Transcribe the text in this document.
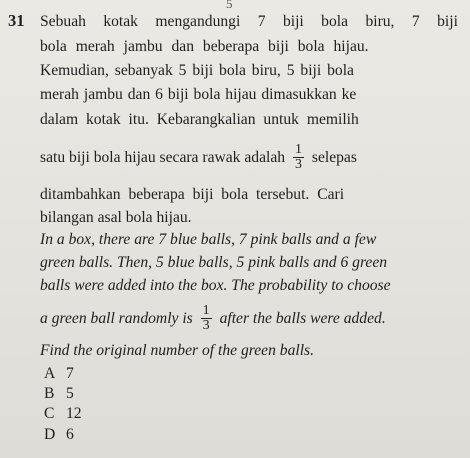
5
31 Sebuah kotak mengandungi 7 biji bola biru, 7 biji
bola merah jambu dan beberapa biji bola hijau.
Kemudian, sebanyak 5 biji bola biru, 5 biji bola
merah jambu dan 6 biji bola hijau dimasukkan ke
dalam kotak itu. Kebarangkalian untuk memilih
satu biji bola hijau secara rawak adalah $\frac{1}{3}$ selepas
ditambahkan beberapa biji bola tersebut. Cari
bilangan asal bola hijau.
In a box, there are 7 blue balls, 7 pink balls and a few
green balls. Then, 5 blue balls, 5 pink balls and 6 green
balls were added into the box. The probability to choose
a green ball randomly is $\frac{1}{3}$ after the balls were added.
Find the original number of the green balls.
A 7
B 5
C 12
D 6
